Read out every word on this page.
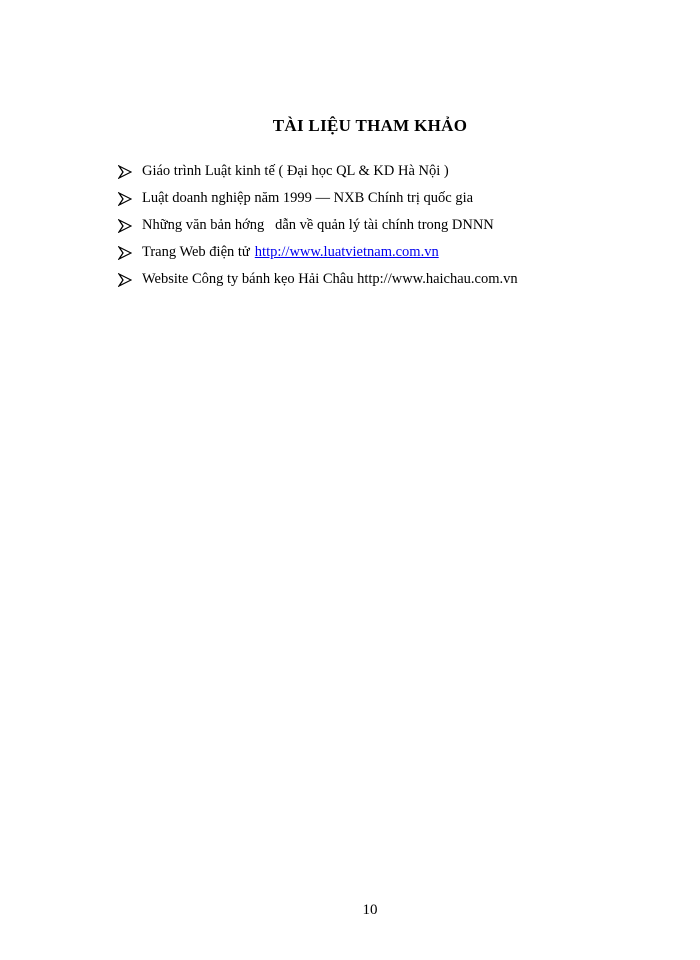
TÀI LIỆU THAM KHẢO
Giáo trình Luật kinh tế ( Đại học QL & KD Hà Nội )
Luật doanh nghiệp năm 1999 — NXB Chính trị quốc gia
Những văn bản hớng   dẫn về quản lý tài chính trong DNNN
Trang Web điện tử http://www.luatvietnam.com.vn
Website Công ty bánh kẹo Hải Châu http://www.haichau.com.vn
10
